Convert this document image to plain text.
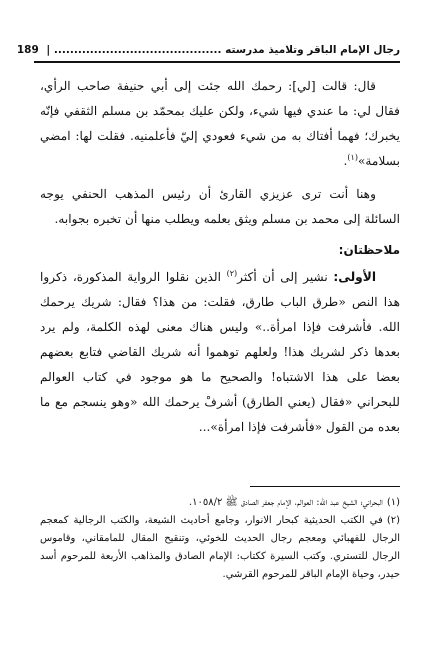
رجال الإمام الباقر وتلاميذ مدرسته .......................................... | 189

قال: قالت [لي]: رحمك الله جئت إلى أبي حنيفة صاحب الرأي، فقال لي: ما عندي فيها شيء، ولكن عليك بمحمّد بن مسلم الثقفي فإنّه يخبرك؛ فهما أفتاك به من شيء فعودي إليّ فأعلمنيه. فقلت لها: امضي بسلامة»$^{(١)}$.

وهنا أنت ترى عزيزي القارئ أن رئيس المذهب الحنفي يوجه السائلة إلى محمد بن مسلم ويثق بعلمه ويطلب منها أن تخبره بجوابه.

ملاحظتان:

الأولى: نشير إلى أن أكثر$^{(٢)}$ الذين نقلوا الرواية المذكورة، ذكروا هذا النص «طرق الباب طارق، فقلت: من هذا؟ فقال: شريك يرحمك الله. فأشرفت فإذا امرأة..» وليس هناك معنى لهذه الكلمة، ولم يرد بعدها ذكر لشريك هذا! ولعلهم توهموا أنه شريك القاضي فتابع بعضهم بعضا على هذا الاشتباه! والصحيح ما هو موجود في كتاب العوالم للبحراني «فقال (يعني الطارق) أشرفْ يرحمك الله «وهو ينسجم مع ما بعده من القول «فأشرفت فإذا امرأة»...

(١)البحراني؛ الشيخ عبد الله: العوالم، الإمام جعفر الصادق ﷺ ١٠٥٨/٢.

(٢)في الكتب الحديثية كبحار الانوار، وجامع أحاديث الشيعة، والكتب الرجالية كمعجم الرجال للفهبائي ومعجم رجال الحديث للخوئي، وتنقيح المقال للمامقاني، وقاموس الرجال للتستري. وكتب السيرة ككتاب: الإمام الصادق والمذاهب الأربعة للمرحوم أسد حيدر، وحياة الإمام الباقر للمرحوم القرشي.
